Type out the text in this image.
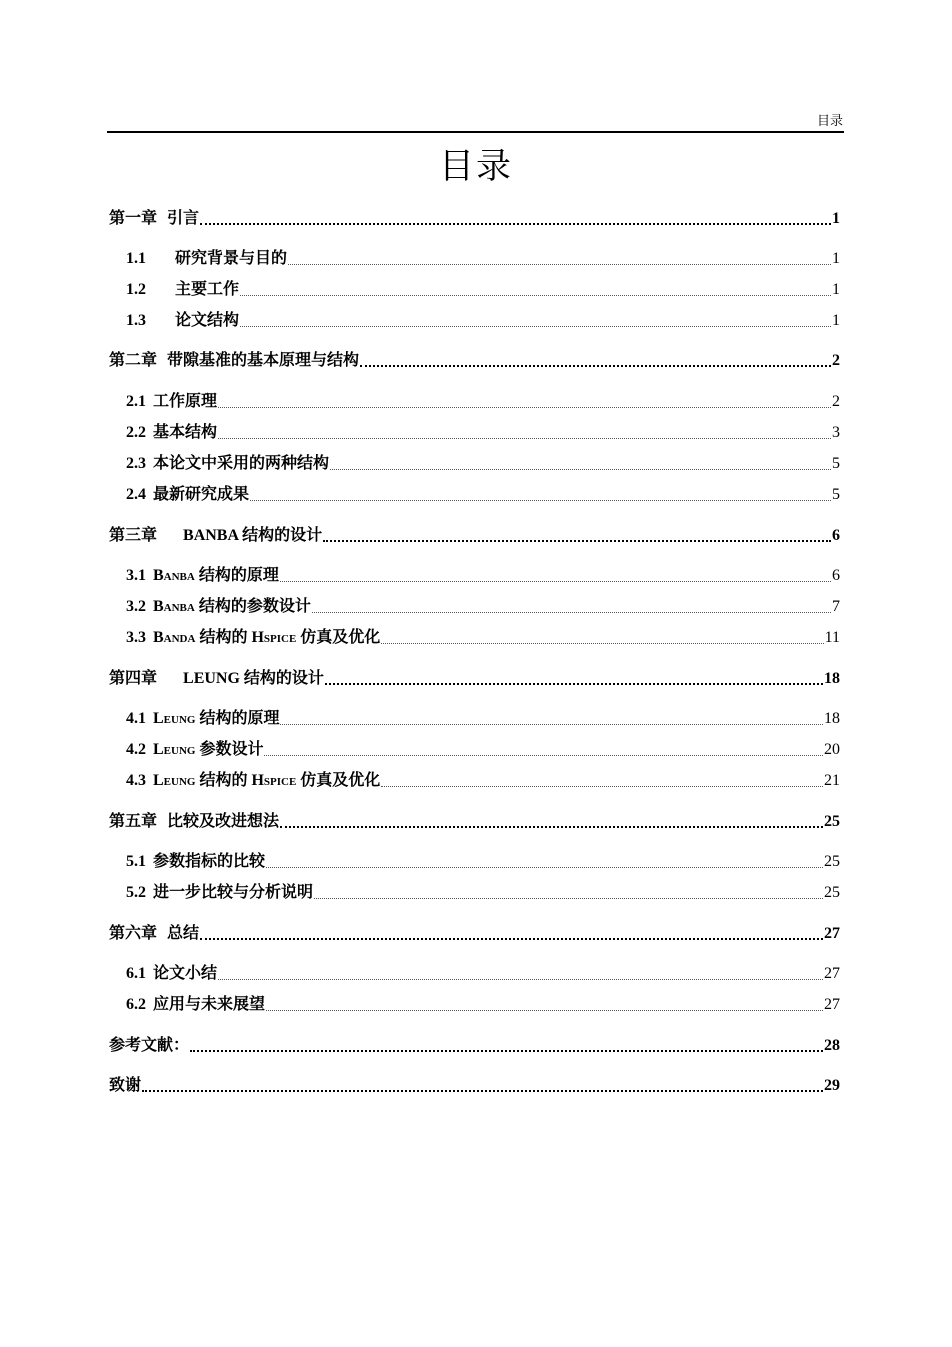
目录
目录
第一章 引言	1
1.1	研究背景与目的	1
1.2	主要工作	1
1.3	论文结构	1
第二章 带隙基准的基本原理与结构	2
2.1 工作原理	2
2.2 基本结构	3
2.3 本论文中采用的两种结构	5
2.4 最新研究成果	5
第三章 BANBA 结构的设计	6
3.1 Banba 结构的原理	6
3.2 Banba 结构的参数设计	7
3.3 Banda 结构的 Hspice 仿真及优化	11
第四章 LEUNG 结构的设计	18
4.1 Leung 结构的原理	18
4.2 Leung 参数设计	20
4.3 Leung 结构的 Hspice 仿真及优化	21
第五章 比较及改进想法	25
5.1 参数指标的比较	25
5.2 进一步比较与分析说明	25
第六章 总结	27
6.1 论文小结	27
6.2 应用与未来展望	27
参考文献：	28
致谢	29
